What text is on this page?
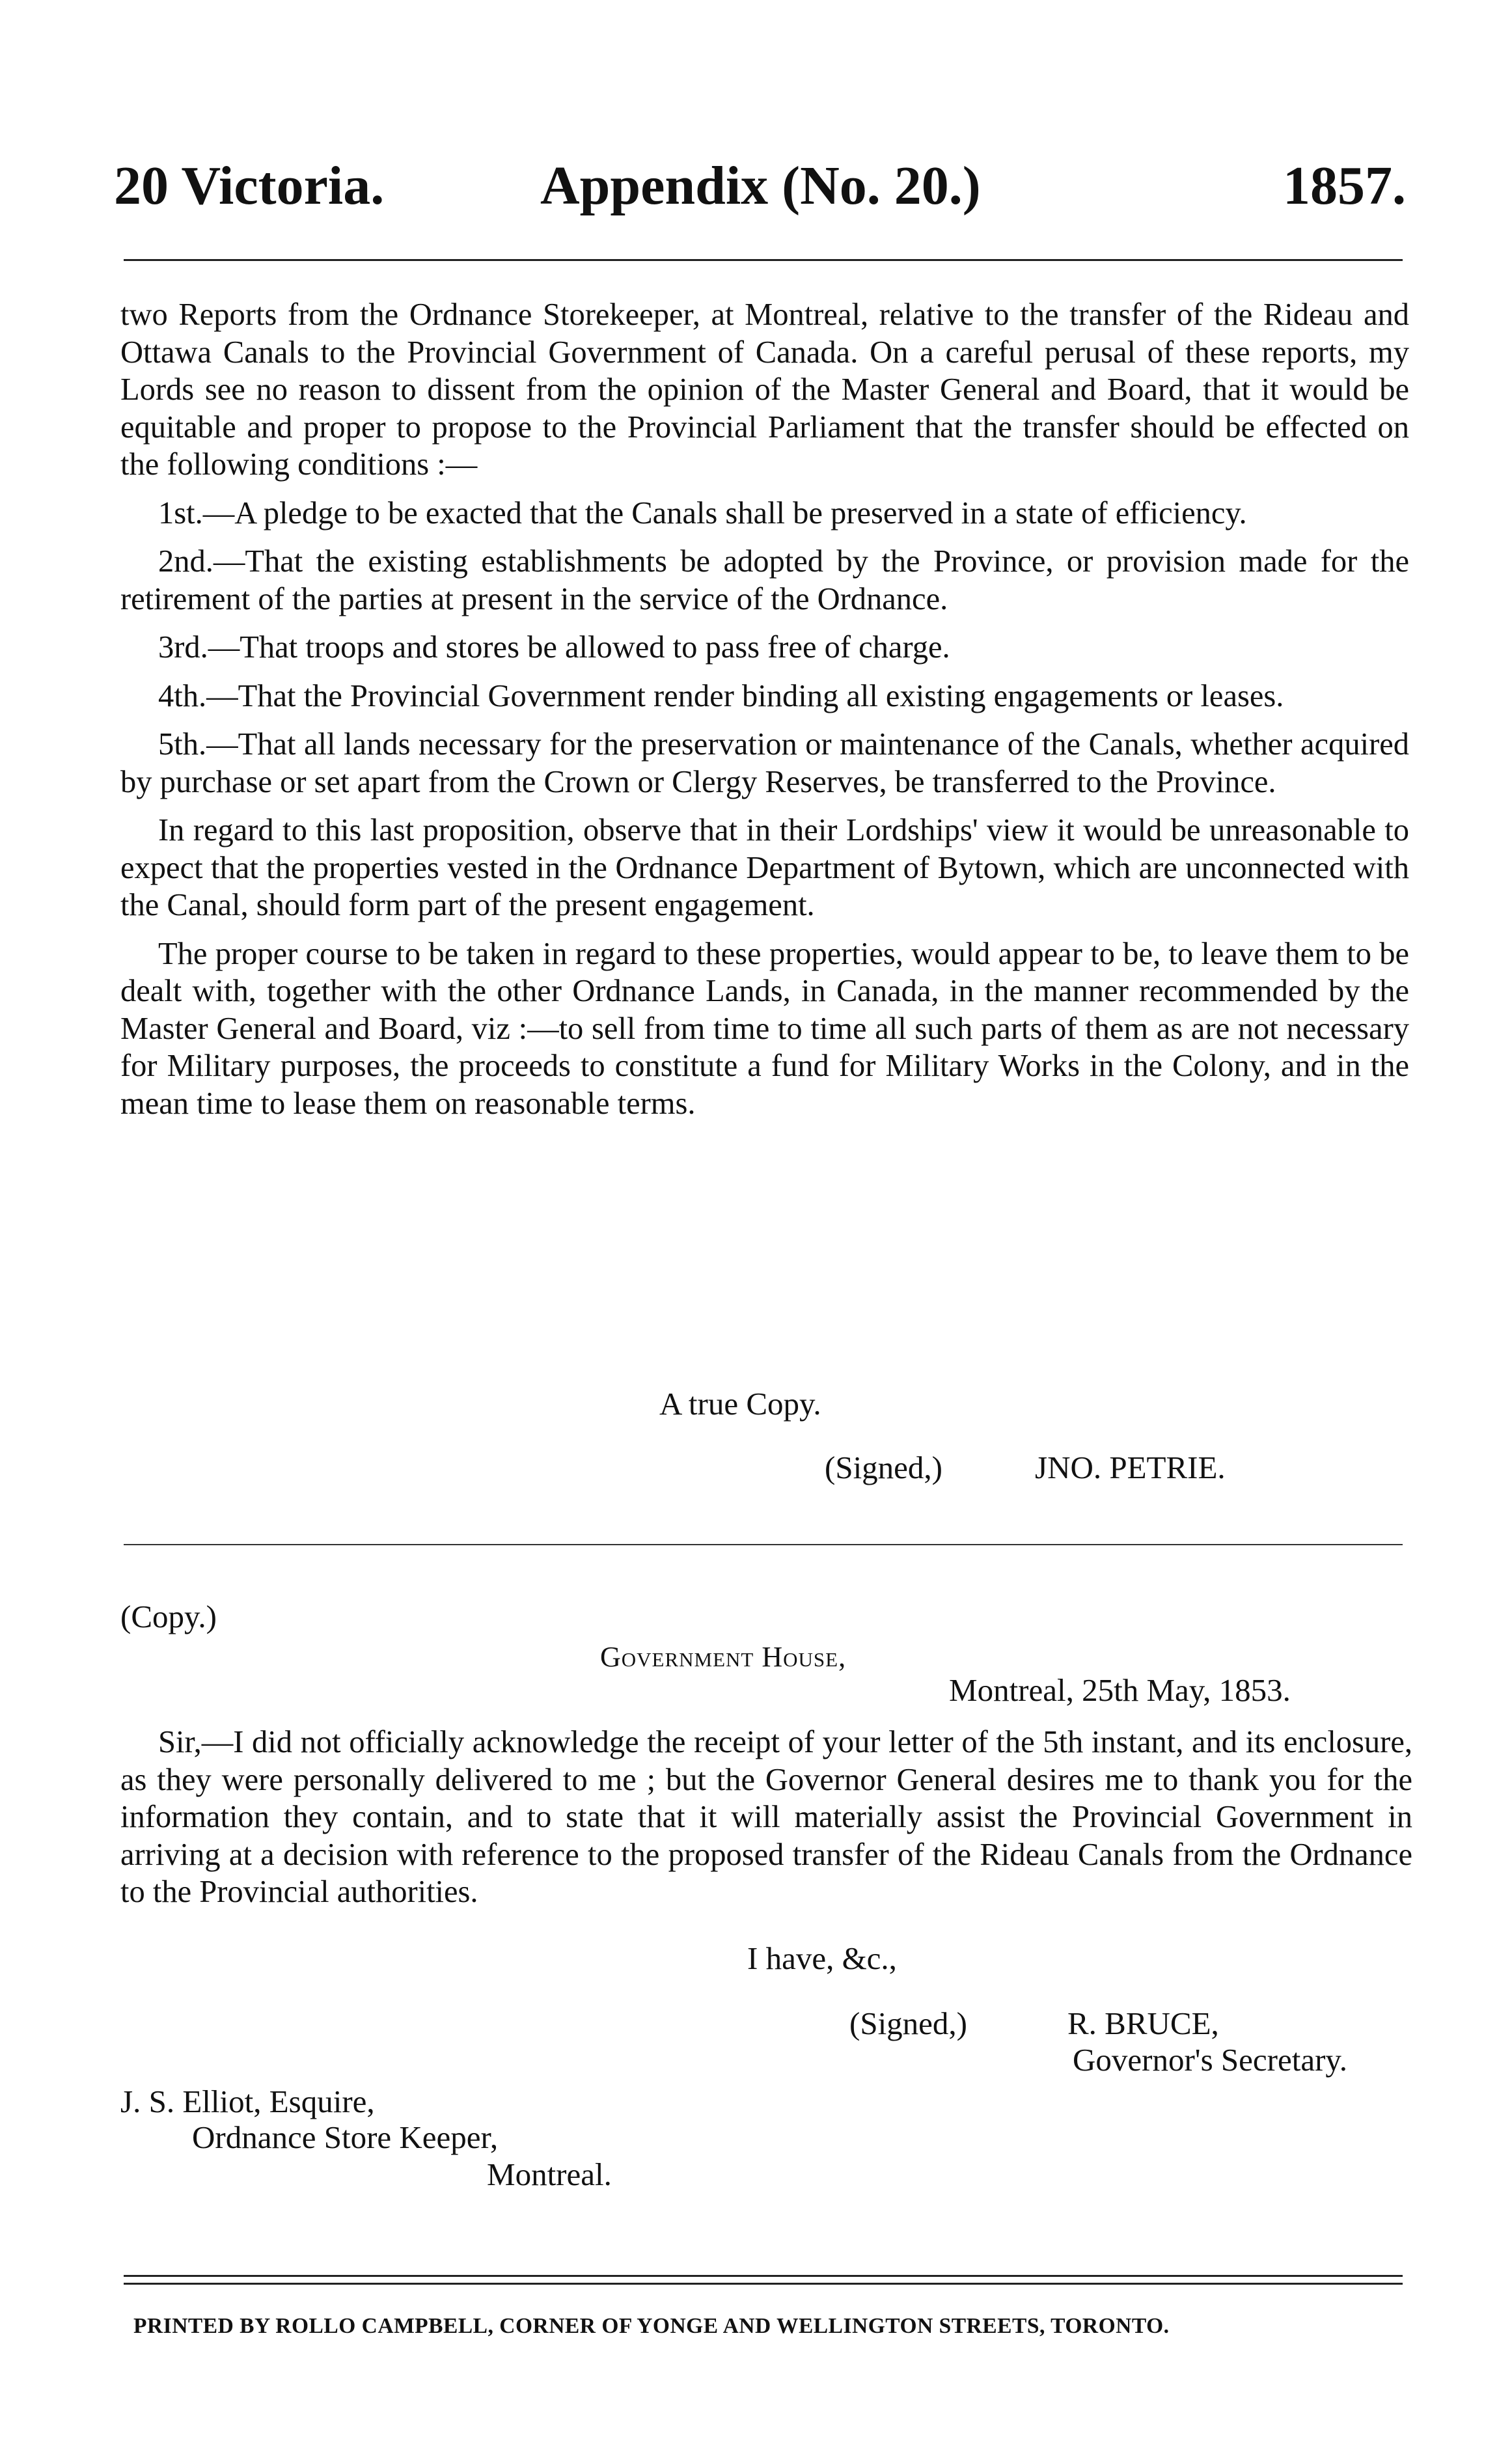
20 Victoria.	Appendix (No. 20.)	1857.

two Reports from the Ordnance Storekeeper, at Montreal, relative to the transfer of the Rideau and Ottawa Canals to the Provincial Government of Canada. On a careful perusal of these reports, my Lords see no reason to dissent from the opinion of the Master General and Board, that it would be equitable and proper to propose to the Provincial Parliament that the transfer should be effected on the following conditions :—

1st.—A pledge to be exacted that the Canals shall be preserved in a state of efficiency.

2nd.—That the existing establishments be adopted by the Province, or provision made for the retirement of the parties at present in the service of the Ordnance.

3rd.—That troops and stores be allowed to pass free of charge.

4th.—That the Provincial Government render binding all existing engagements or leases.

5th.—That all lands necessary for the preservation or maintenance of the Canals, whether acquired by purchase or set apart from the Crown or Clergy Reserves, be transferred to the Province.

In regard to this last proposition, observe that in their Lordships' view it would be unreasonable to expect that the properties vested in the Ordnance Department of Bytown, which are unconnected with the Canal, should form part of the present engagement.

The proper course to be taken in regard to these properties, would appear to be, to leave them to be dealt with, together with the other Ordnance Lands, in Canada, in the manner recommended by the Master General and Board, viz :—to sell from time to time all such parts of them as are not necessary for Military purposes, the proceeds to constitute a fund for Military Works in the Colony, and in the mean time to lease them on reasonable terms.

A true Copy.
(Signed,)	JNO. PETRIE.
(Copy.)
Government House,
Montreal, 25th May, 1853.

Sir,—I did not officially acknowledge the receipt of your letter of the 5th instant, and its enclosure, as they were personally delivered to me ; but the Governor General desires me to thank you for the information they contain, and to state that it will materially assist the Provincial Government in arriving at a decision with reference to the proposed transfer of the Rideau Canals from the Ordnance to the Provincial authorities.

I have, &c.,
(Signed,)	R. BRUCE,
Governor's Secretary.
J. S. Elliot, Esquire,
Ordnance Store Keeper,
Montreal.
PRINTED BY ROLLO CAMPBELL, CORNER OF YONGE AND WELLINGTON STREETS, TORONTO.
